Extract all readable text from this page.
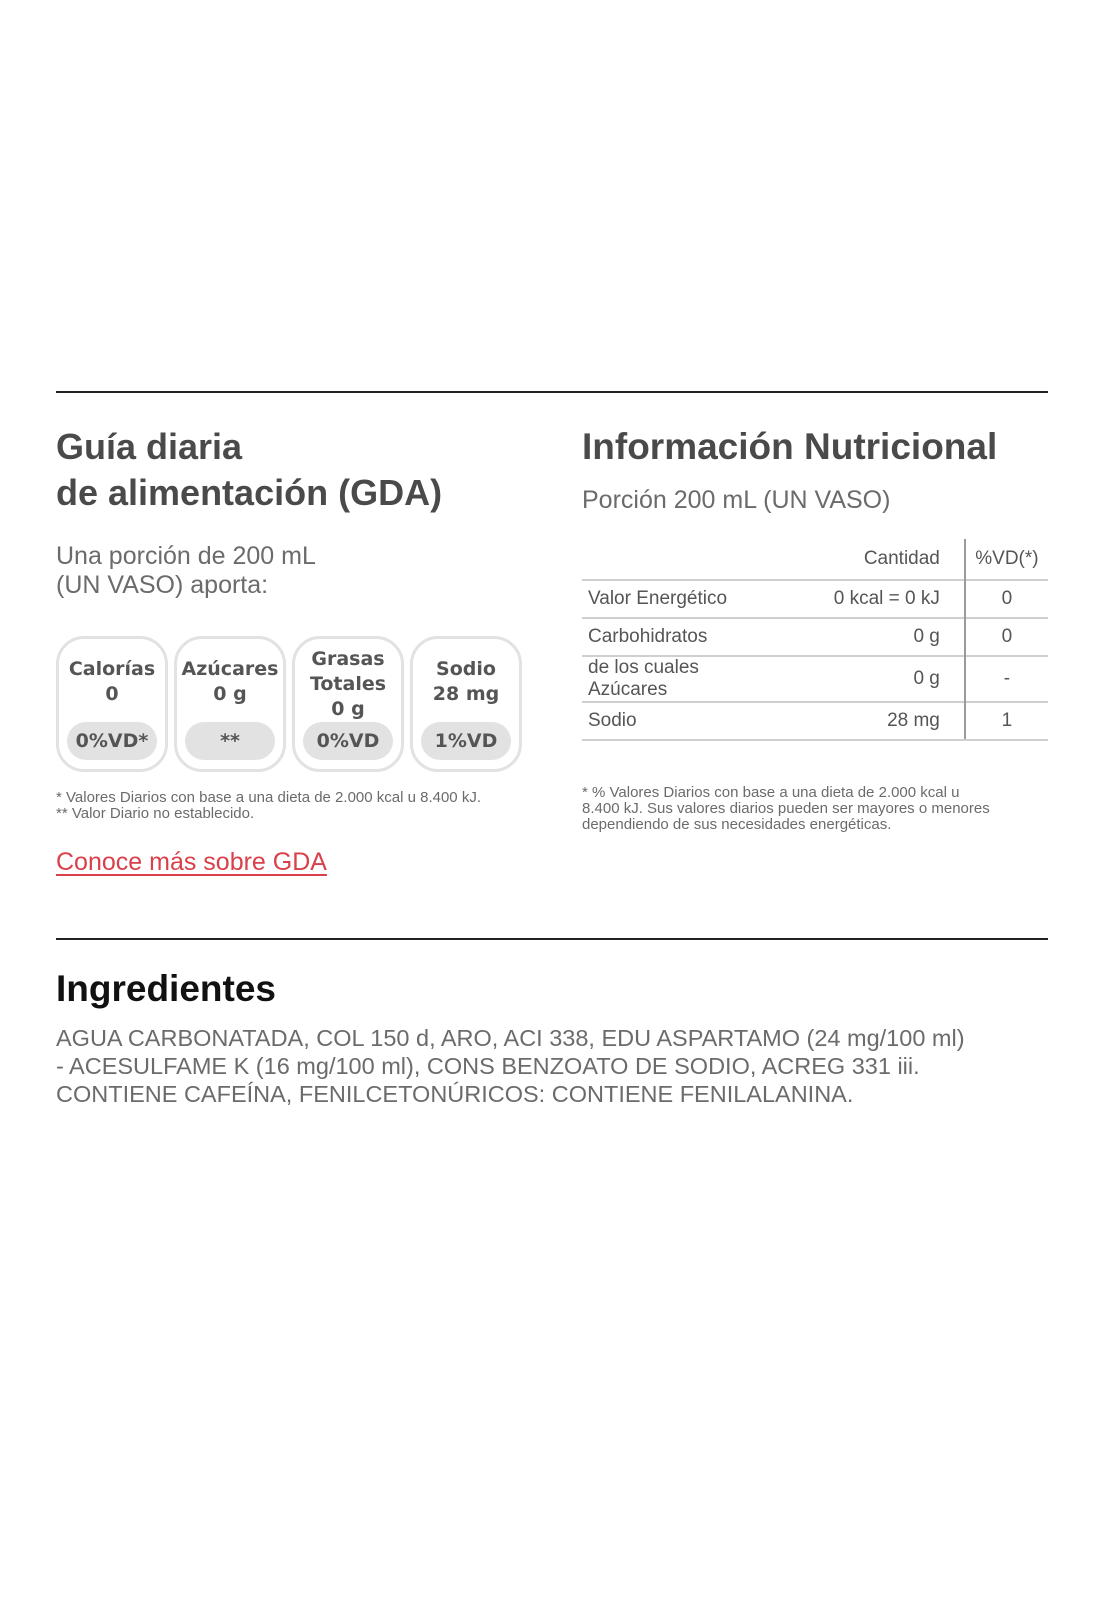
Guía diaria
de alimentación (GDA)
Una porción de 200 mL
(UN VASO) aporta:
Calorías
0
0%VD*
Azúcares
0 g
**
Grasas
Totales
0 g
0%VD
Sodio
28 mg
1%VD
* Valores Diarios con base a una dieta de 2.000 kcal u 8.400 kJ.
** Valor Diario no establecido.
Conoce más sobre GDA
Información Nutricional
Porción 200 mL (UN VASO)
	Cantidad	%VD(*)
Valor Energético	0 kcal = 0 kJ	0
Carbohidratos	0 g	0
de los cuales Azúcares	0 g	-
Sodio	28 mg	1
* % Valores Diarios con base a una dieta de 2.000 kcal u
8.400 kJ. Sus valores diarios pueden ser mayores o menores
dependiendo de sus necesidades energéticas.
Ingredientes
AGUA CARBONATADA, COL 150 d, ARO, ACI 338, EDU ASPARTAMO (24 mg/100 ml)
- ACESULFAME K (16 mg/100 ml), CONS BENZOATO DE SODIO, ACREG 331 iii.
CONTIENE CAFEÍNA, FENILCETONÚRICOS: CONTIENE FENILALANINA.
